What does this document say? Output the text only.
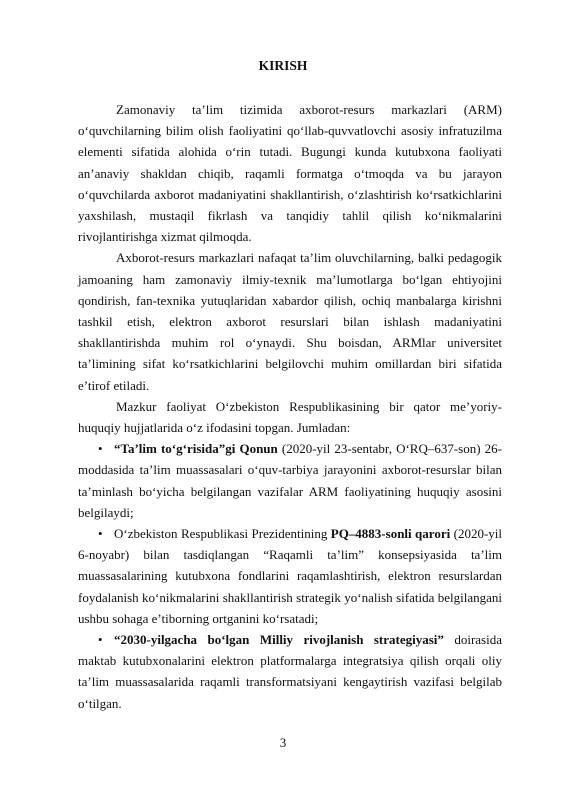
KIRISH

Zamonaviy ta’lim tizimida axborot-resurs markazlari (ARM) o‘quvchilarning bilim olish faoliyatini qo‘llab-quvvatlovchi asosiy infratuzilma elementi sifatida alohida o‘rin tutadi. Bugungi kunda kutubxona faoliyati an’anaviy shakldan chiqib, raqamli formatga o‘tmoqda va bu jarayon o‘quvchilarda axborot madaniyatini shakllantirish, o‘zlashtirish ko‘rsatkichlarini yaxshilash, mustaqil fikrlash va tanqidiy tahlil qilish ko‘nikmalarini rivojlantirishga xizmat qilmoqda.

Axborot-resurs markazlari nafaqat ta’lim oluvchilarning, balki pedagogik jamoaning ham zamonaviy ilmiy-texnik ma’lumotlarga bo‘lgan ehtiyojini qondirish, fan-texnika yutuqlaridan xabardor qilish, ochiq manbalarga kirishni tashkil etish, elektron axborot resurslari bilan ishlash madaniyatini shakllantirishda muhim rol o‘ynaydi. Shu boisdan, ARMlar universitet ta’limining sifat ko‘rsatkichlarini belgilovchi muhim omillardan biri sifatida e’tirof etiladi.

Mazkur faoliyat O‘zbekiston Respublikasining bir qator me’yoriy-huquqiy hujjatlarida o‘z ifodasini topgan. Jumladan:

• “Ta’lim to‘g‘risida”gi Qonun (2020-yil 23-sentabr, O‘RQ–637-son) 26-moddasida ta’lim muassasalari o‘quv-tarbiya jarayonini axborot-resurslar bilan ta’minlash bo‘yicha belgilangan vazifalar ARM faoliyatining huquqiy asosini belgilaydi;

• O‘zbekiston Respublikasi Prezidentining PQ–4883-sonli qarori (2020-yil 6-noyabr) bilan tasdiqlangan “Raqamli ta’lim” konsepsiyasida ta’lim muassasalarining kutubxona fondlarini raqamlashtirish, elektron resurslardan foydalanish ko‘nikmalarini shakllantirish strategik yo‘nalish sifatida belgilangani ushbu sohaga e’tiborning ortganini ko‘rsatadi;

• “2030-yilgacha bo‘lgan Milliy rivojlanish strategiyasi” doirasida maktab kutubxonalarini elektron platformalarga integratsiya qilish orqali oliy ta’lim muassasalarida raqamli transformatsiyani kengaytirish vazifasi belgilab o‘tilgan.

3
